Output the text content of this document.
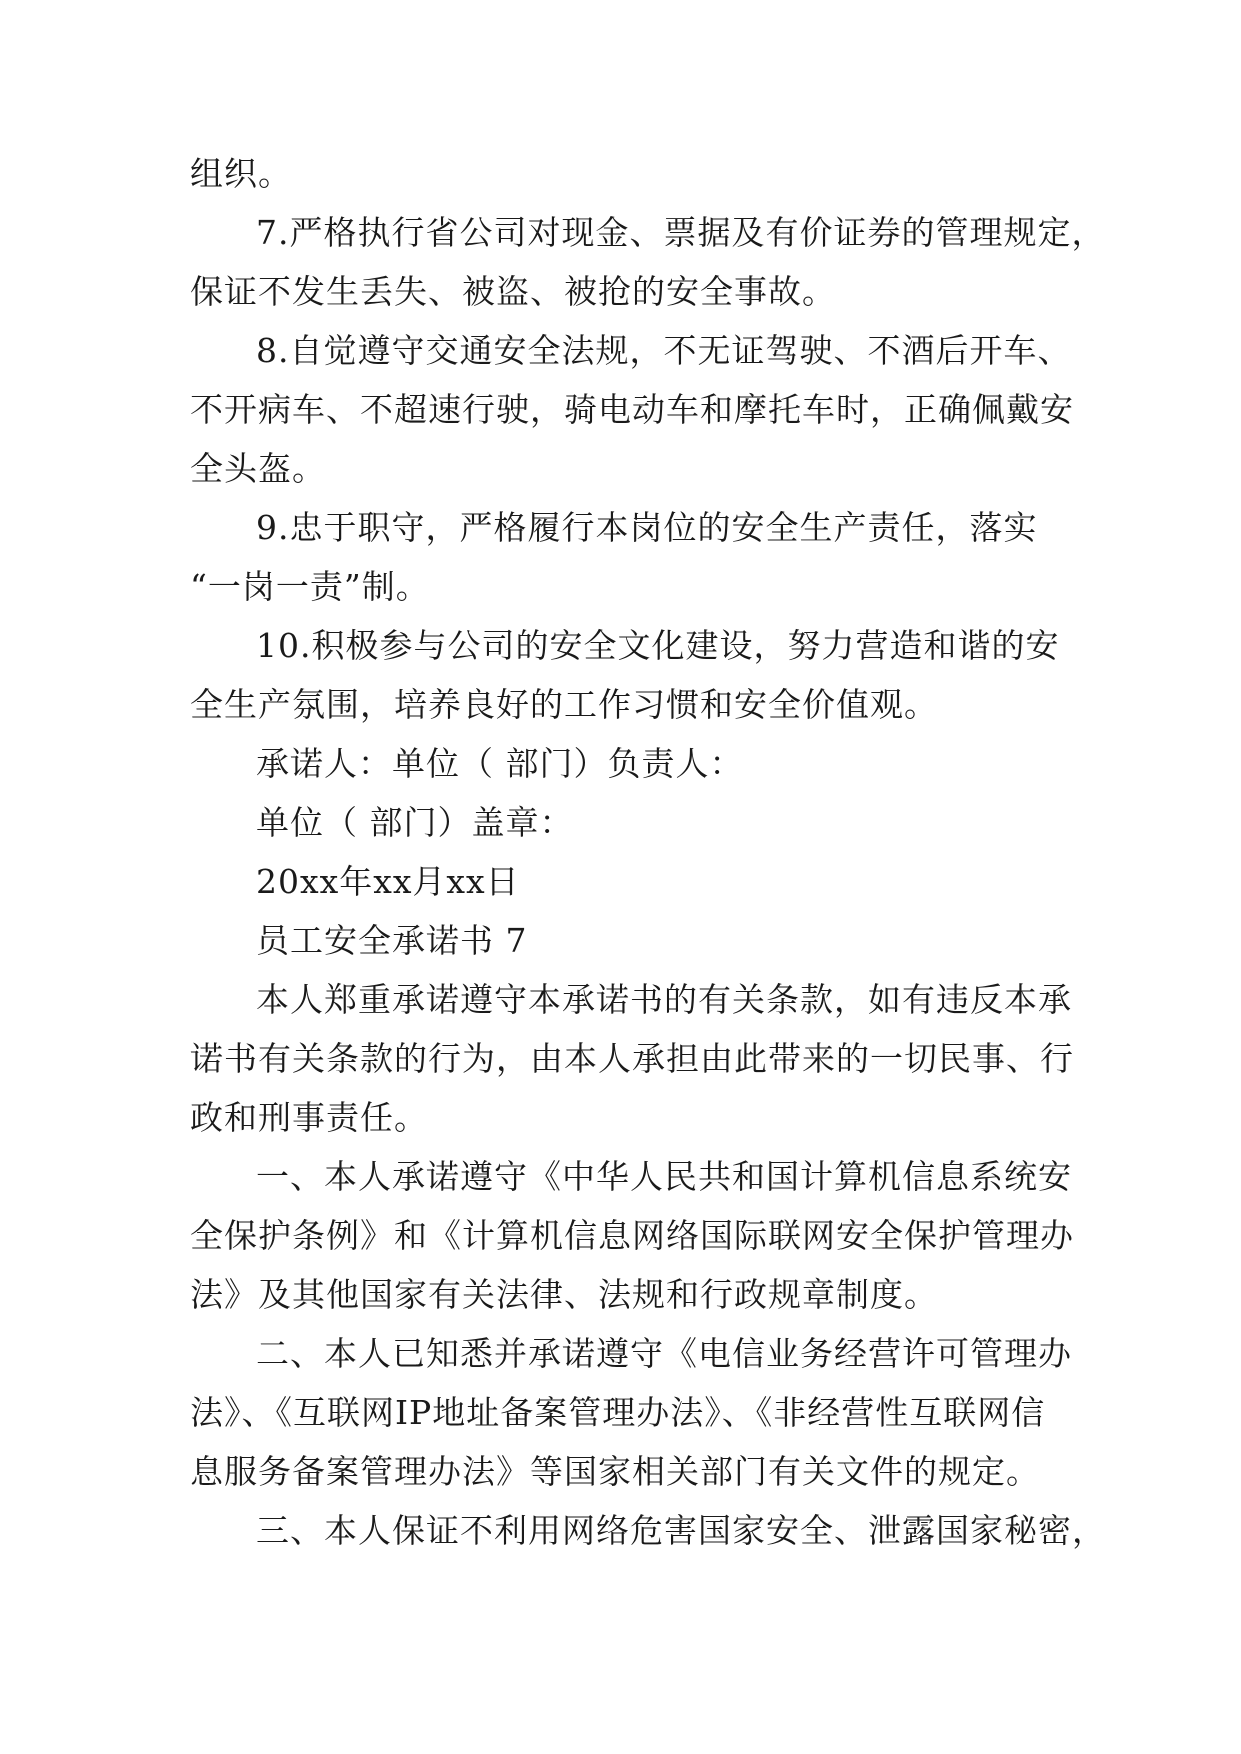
组织。
7.严格执行省公司对现金、票据及有价证券的管理规定，
保证不发生丢失、被盗、被抢的安全事故。
8.自觉遵守交通安全法规，不无证驾驶、不酒后开车、
不开病车、不超速行驶，骑电动车和摩托车时，正确佩戴安
全头盔。
9.忠于职守，严格履行本岗位的安全生产责任，落实
“一岗一责”制。
10.积极参与公司的安全文化建设，努力营造和谐的安
全生产氛围，培养良好的工作习惯和安全价值观。
承诺人：单位（ 部门）负责人：
单位（ 部门）盖章：
20xx年xx月xx日
员工安全承诺书 7
本人郑重承诺遵守本承诺书的有关条款，如有违反本承
诺书有关条款的行为，由本人承担由此带来的一切民事、行
政和刑事责任。
一、本人承诺遵守《中华人民共和国计算机信息系统安
全保护条例》和《计算机信息网络国际联网安全保护管理办
法》及其他国家有关法律、法规和行政规章制度。
二、本人已知悉并承诺遵守《电信业务经营许可管理办
法》、《互联网IP地址备案管理办法》、《非经营性互联网信
息服务备案管理办法》等国家相关部门有关文件的规定。
三、本人保证不利用网络危害国家安全、泄露国家秘密，
